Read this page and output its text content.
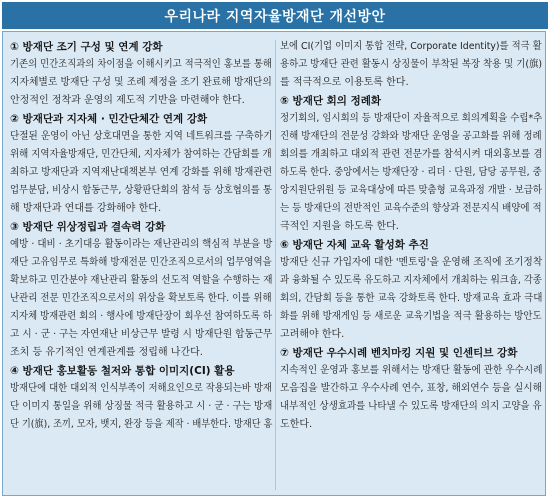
우리나라 지역자율방재단 개선방안
① 방재단 조기 구성 및 연계 강화
기존의 민간조직과의 차이점을 이해시키고 적극적인 홍보를 통해
지자체별로 방재단 구성 및 조례 제정을 조기 완료해 방재단의
안정적인 정착과 운영의 제도적 기반을 마련해야 한다.
② 방재단과 지자체 · 민간단체간 연계 강화
단절된 운영이 아닌 상호대면을 통한 지역 네트워크를 구축하기
위해 지역자율방재단, 민간단체, 지자체가 참여하는 간담회를 개
최하고 방재단과 지역재난대책본부 연계 강화를 위해 방재관련
업무분담, 비상시 합동근무, 상황판단회의 참석 등 상호협의를 통
해 방재단과 연대를 강화해야 한다.
③ 방재단 위상정립과 결속력 강화
예방 · 대비 · 초기대응 활동이라는 재난관리의 핵심적 부분을 방
재단 고유임무로 특화해 방재전문 민간조직으로서의 업무영역을
확보하고 민간분야 재난관리 활동의 선도적 역할을 수행하는 재
난관리 전문 민간조직으로서의 위상을 확보토록 한다. 이를 위해
지자체 방재관련 회의 · 행사에 방재단장이 회우선 참여하도록 하
고 시 · 군 · 구는 자연재난 비상근무 발령 시 방재단원 합동근무
조치 등 유기적인 연계관계를 정립해 나간다.
④ 방재단 홍보활동 철저와 통합 이미지(CI) 활용
방재단에 대한 대외적 인식부족이 저해요인으로 작용되는바 방재
단 이미지 통일을 위해 상징물 적극 활용하고 시 · 군 · 구는 방재
단 기(旗), 조끼, 모자, 뱃지, 완장 등을 제작 · 배부한다. 방재단 홍
보에 CI(기업 이미지 통합 전략, Corporate Identity)를 적극 활
용하고 방재단 관련 활동시 상징물이 부착된 복장 착용 및 기(旗)
를 적극적으로 이용토록 한다.
⑤ 방재단 회의 정례화
정기회의, 임시회의 등 방재단이 자율적으로 회의계획을 수립*추
진해 방재단의 전문성 강화와 방재단 운영을 공고화를 위해 정례
회의를 개최하고 대외적 관련 전문가를 참석시켜 대외홍보를 겸
하도록 한다. 중앙에서는 방재단장 · 리더 · 단원, 담당 공무원, 중
앙지원단위원 등 교육대상에 따른 맞춤형 교육과정 개발 · 보급하
는 등 방재단의 전반적인 교육수준의 향상과 전문지식 배양에 적
극적인 지원을 하도록 한다.
⑥ 방재단 자체 교육 활성화 추진
방재단 신규 가입자에 대한 '멘토링'을 운영해 조직에 조기정착
과 융화될 수 있도록 유도하고 지자체에서 개최하는 워크숍, 각종
회의, 간담회 등을 통한 교육 강화토록 한다. 방재교육 효과 극대
화를 위해 방재게임 등 새로운 교육기법을 적극 활용하는 방안도
고려해야 한다.
⑦ 방재단 우수시례 벤치마킹 지원 및 인센티브 강화
지속적인 운영과 홍보를 위해서는 방재단 활동에 관한 우수시례
모음집을 발간하고 우수사례 연수, 표창, 해외연수 등을 실시해
내부적인 상생효과를 나타낼 수 있도록 방재단의 의지 고양을 유
도한다.
